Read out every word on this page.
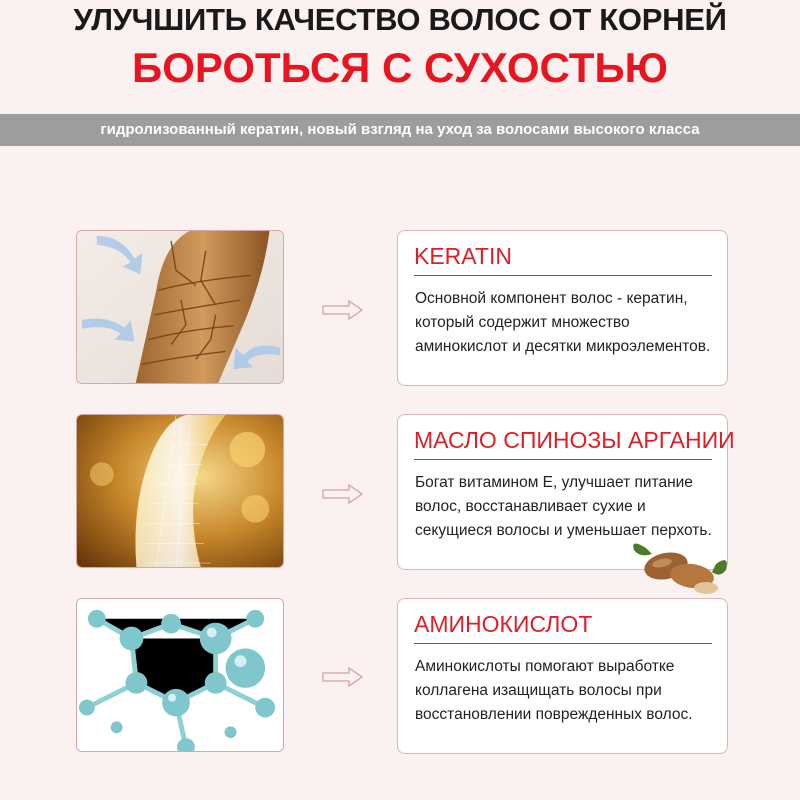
УЛУЧШИТЬ КАЧЕСТВО ВОЛОС ОТ КОРНЕЙ
БОРОТЬСЯ С СУХОСТЬЮ
гидролизованный кератин, новый взгляд на уход за волосами высокого класса
KERATIN
Основной компонент волос - кератин, который содержит множество аминокислот и десятки микроэлементов.
МАСЛО СПИНОЗЫ АРГАНИИ
Богат витамином Е, улучшает питание волос, восстанавливает сухие и секущиеся волосы и уменьшает перхоть.
АМИНОКИСЛОТ
Аминокислоты помогают выработке коллагена изащищать волосы при восстановлении поврежденных волос.
